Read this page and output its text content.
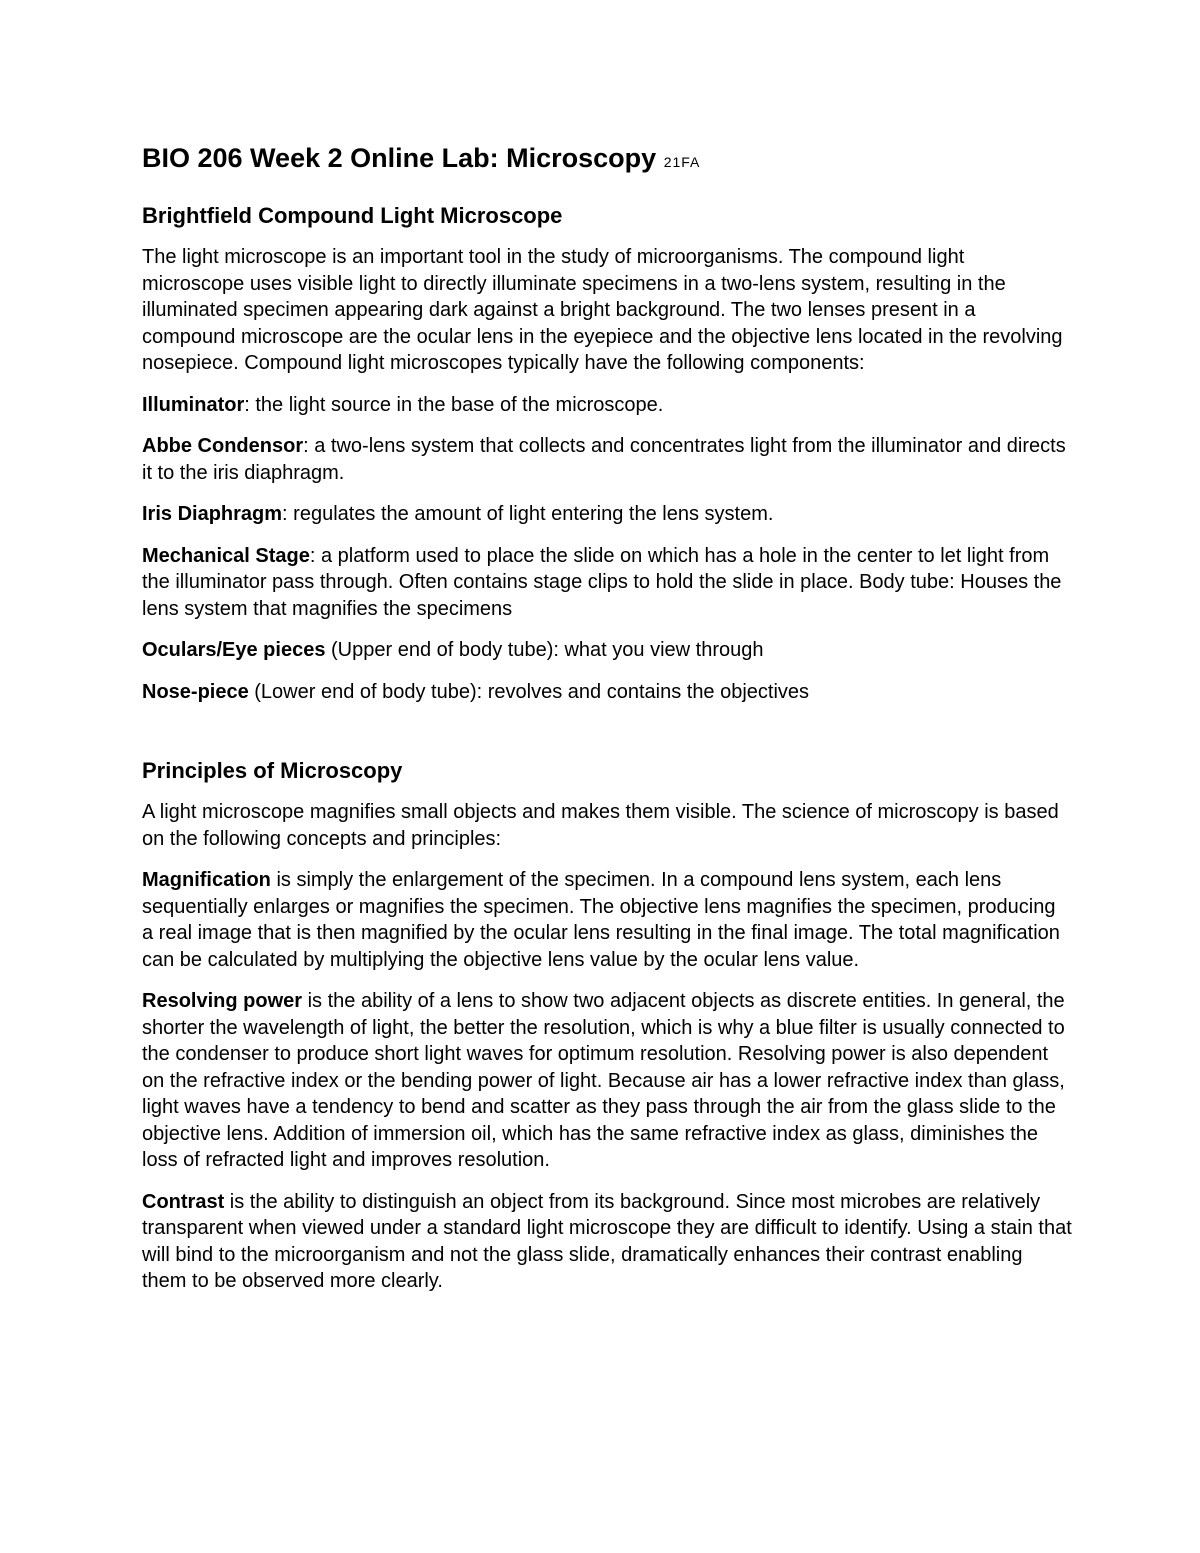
BIO 206 Week 2 Online Lab: Microscopy 21FA
Brightfield Compound Light Microscope

The light microscope is an important tool in the study of microorganisms. The compound light microscope uses visible light to directly illuminate specimens in a two-lens system, resulting in the illuminated specimen appearing dark against a bright background. The two lenses present in a compound microscope are the ocular lens in the eyepiece and the objective lens located in the revolving nosepiece. Compound light microscopes typically have the following components:

Illuminator: the light source in the base of the microscope.

Abbe Condensor: a two-lens system that collects and concentrates light from the illuminator and directs it to the iris diaphragm.

Iris Diaphragm: regulates the amount of light entering the lens system.

Mechanical Stage: a platform used to place the slide on which has a hole in the center to let light from the illuminator pass through. Often contains stage clips to hold the slide in place. Body tube: Houses the lens system that magnifies the specimens

Oculars/Eye pieces (Upper end of body tube): what you view through

Nose-piece (Lower end of body tube): revolves and contains the objectives

Principles of Microscopy

A light microscope magnifies small objects and makes them visible. The science of microscopy is based on the following concepts and principles:

Magnification is simply the enlargement of the specimen. In a compound lens system, each lens sequentially enlarges or magnifies the specimen. The objective lens magnifies the specimen, producing a real image that is then magnified by the ocular lens resulting in the final image. The total magnification can be calculated by multiplying the objective lens value by the ocular lens value.

Resolving power is the ability of a lens to show two adjacent objects as discrete entities. In general, the shorter the wavelength of light, the better the resolution, which is why a blue filter is usually connected to the condenser to produce short light waves for optimum resolution. Resolving power is also dependent on the refractive index or the bending power of light. Because air has a lower refractive index than glass, light waves have a tendency to bend and scatter as they pass through the air from the glass slide to the objective lens. Addition of immersion oil, which has the same refractive index as glass, diminishes the loss of refracted light and improves resolution.

Contrast is the ability to distinguish an object from its background. Since most microbes are relatively transparent when viewed under a standard light microscope they are difficult to identify. Using a stain that will bind to the microorganism and not the glass slide, dramatically enhances their contrast enabling them to be observed more clearly.
